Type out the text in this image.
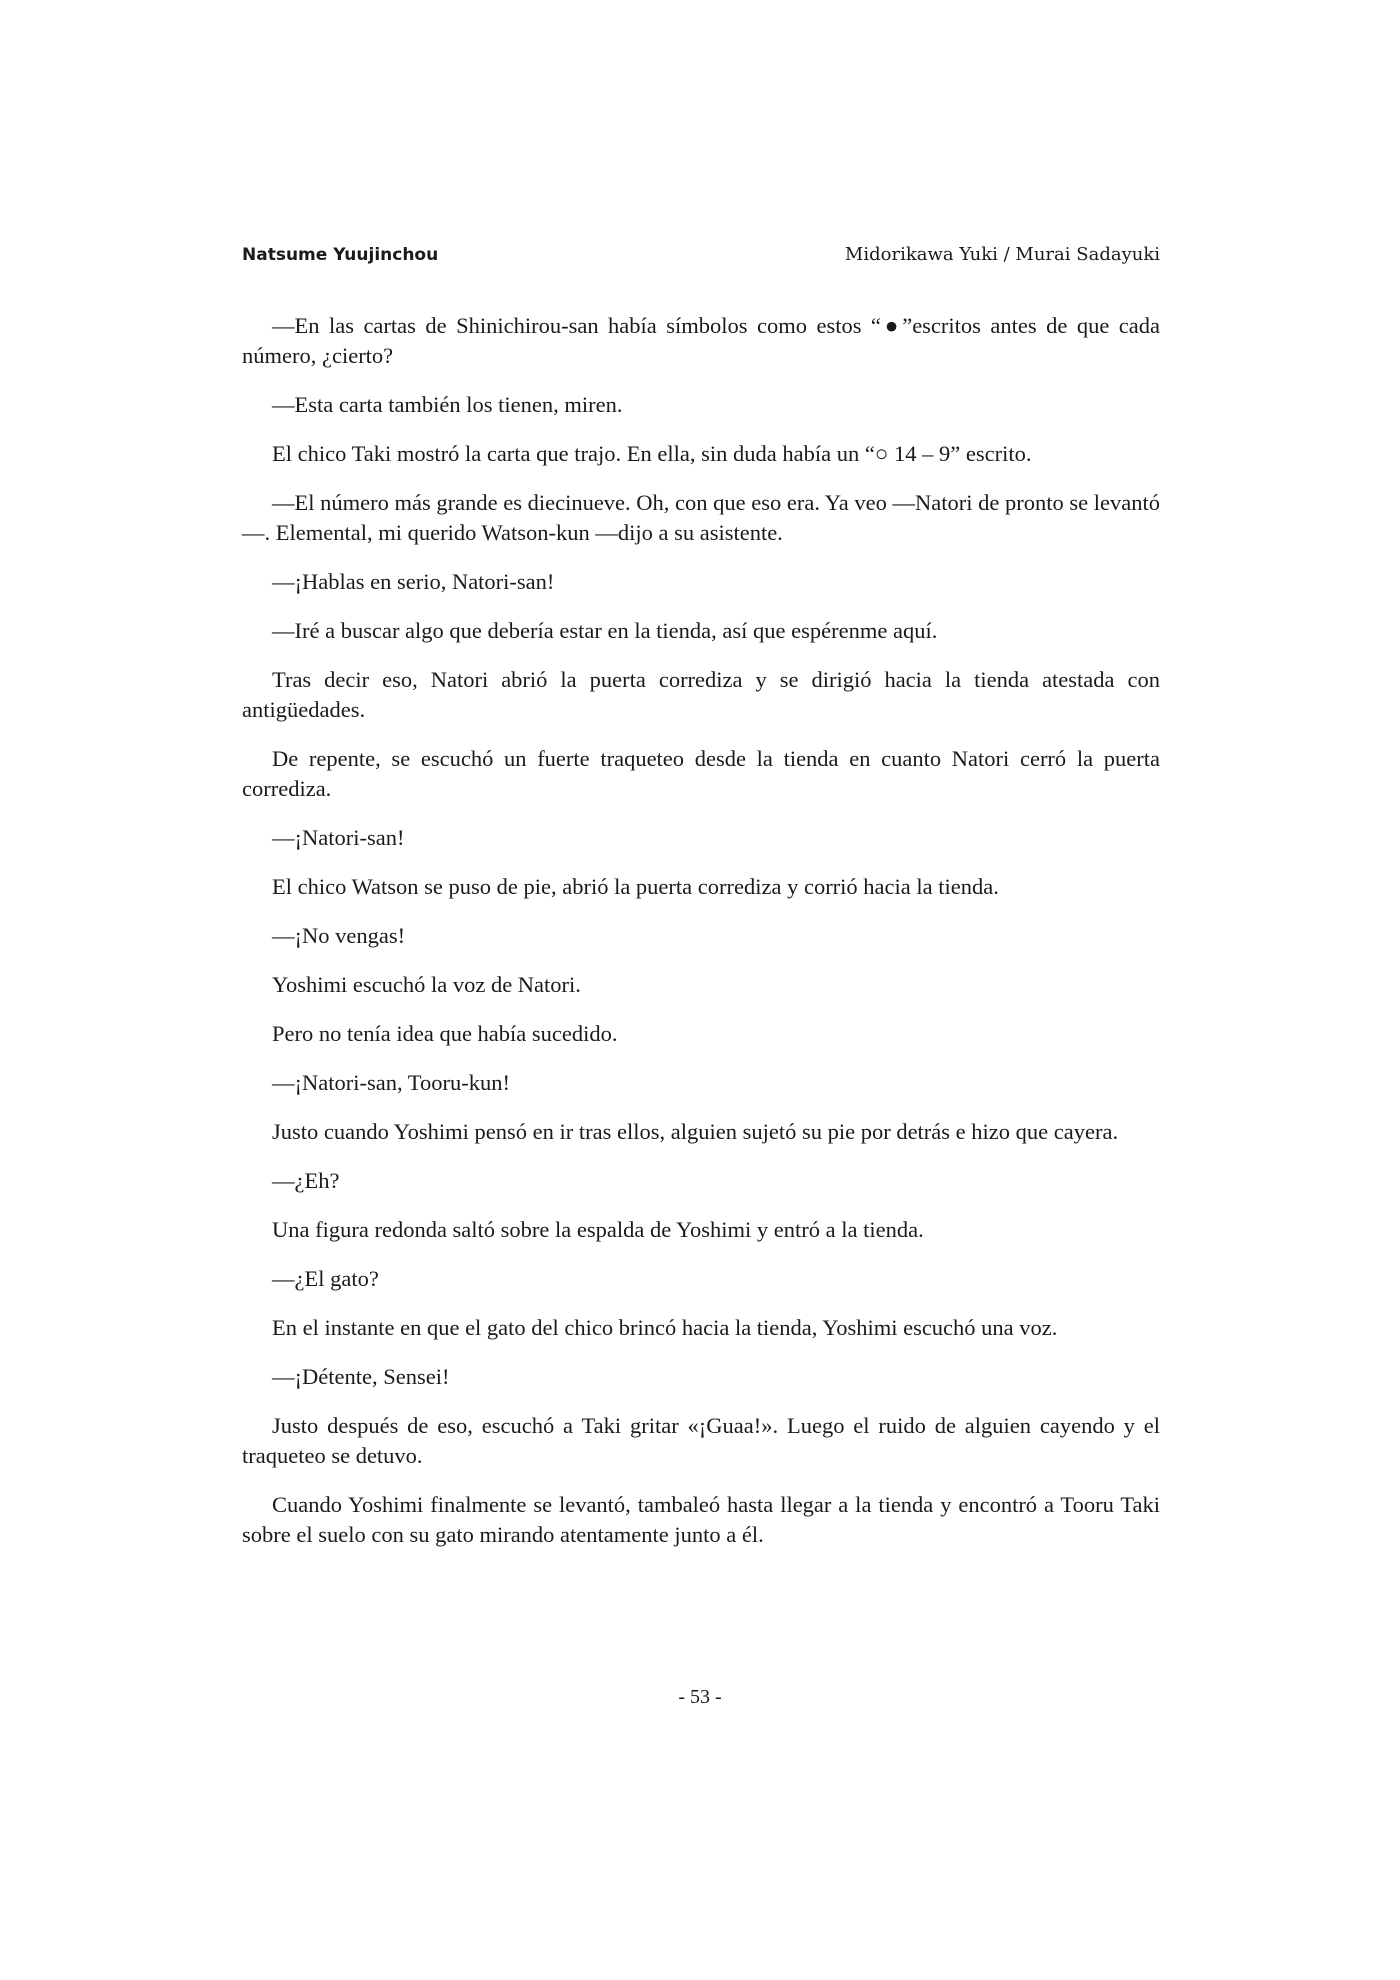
Natsume Yuujinchou	Midorikawa Yuki / Murai Sadayuki

—En las cartas de Shinichirou-san había símbolos como estos “●”escritos antes de que cada número, ¿cierto?

—Esta carta también los tienen, miren.

El chico Taki mostró la carta que trajo. En ella, sin duda había un “○ 14 – 9” escrito.

—El número más grande es diecinueve. Oh, con que eso era. Ya veo —Natori de pronto se levantó—. Elemental, mi querido Watson-kun —dijo a su asistente.

—¡Hablas en serio, Natori-san!

—Iré a buscar algo que debería estar en la tienda, así que espérenme aquí.

Tras decir eso, Natori abrió la puerta corrediza y se dirigió hacia la tienda atestada con antigüedades.

De repente, se escuchó un fuerte traqueteo desde la tienda en cuanto Natori cerró la puerta corrediza.

—¡Natori-san!

El chico Watson se puso de pie, abrió la puerta corrediza y corrió hacia la tienda.

—¡No vengas!

Yoshimi escuchó la voz de Natori.

Pero no tenía idea que había sucedido.

—¡Natori-san, Tooru-kun!

Justo cuando Yoshimi pensó en ir tras ellos, alguien sujetó su pie por detrás e hizo que cayera.

—¿Eh?

Una figura redonda saltó sobre la espalda de Yoshimi y entró a la tienda.

—¿El gato?

En el instante en que el gato del chico brincó hacia la tienda, Yoshimi escuchó una voz.

—¡Détente, Sensei!

Justo después de eso, escuchó a Taki gritar «¡Guaa!». Luego el ruido de alguien cayendo y el traqueteo se detuvo.

Cuando Yoshimi finalmente se levantó, tambaleó hasta llegar a la tienda y encontró a Tooru Taki sobre el suelo con su gato mirando atentamente junto a él.

- 53 -
